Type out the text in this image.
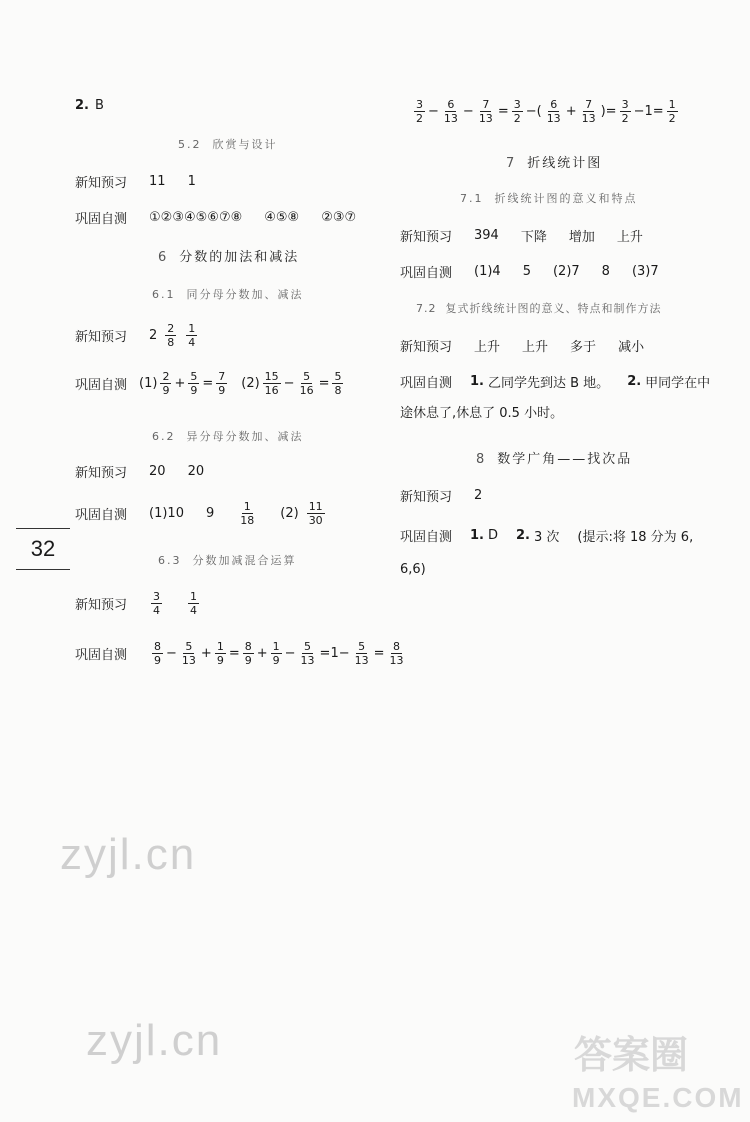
2. B
5.2 欣赏与设计
新知预习 11 1
巩固自测 ①②③④⑤⑥⑦⑧ ④⑤⑧ ②③⑦
6 分数的加法和减法
6.1 同分母分数加、减法
新知预习 $2 \frac{2}{8} \frac{1}{4}$
巩固自测 $(1) \frac{2}{9} + \frac{5}{9} = \frac{7}{9} (2) \frac{15}{16} - \frac{5}{16} = \frac{5}{8}$
6.2 异分母分数加、减法
新知预习 20 20
巩固自测 (1)10 $9 \frac{1}{18} (2) \frac{11}{30}$
32	6.3 分数加减混合运算
新知预习 $\frac{3}{4} \frac{1}{4}$
巩固自测 $\frac{8}{9} - \frac{5}{13} + \frac{1}{9} = \frac{8}{9} + \frac{1}{9} - \frac{5}{13} =1- \frac{5}{13} = \frac{8}{13}$
$\frac{3}{2} - \frac{6}{13} - \frac{7}{13} = \frac{3}{2}$ −( $\frac{6}{13} + \frac{7}{13}$ )= $\frac{3}{2} -1= \frac{1}{2}$
7 折线统计图
7.1 折线统计图的意义和特点
新知预习 394 下降 增加 上升
巩固自测 (1)4 5 (2)7 8 (3)7
7.2 复式折线统计图的意义、特点和制作方法
新知预习 上升 上升 多于 减小
巩固自测 1. 乙同学先到达 B 地。 2. 甲同学在中
途休息了,休息了 0.5 小时。
8 数学广角——找次品
新知预习 2
巩固自测 1. D 2. 3 次 (提示:将 18 分为 6,
6,6)
zyjl.cn
zyjl.cn	答案圈
MXQE.COM
